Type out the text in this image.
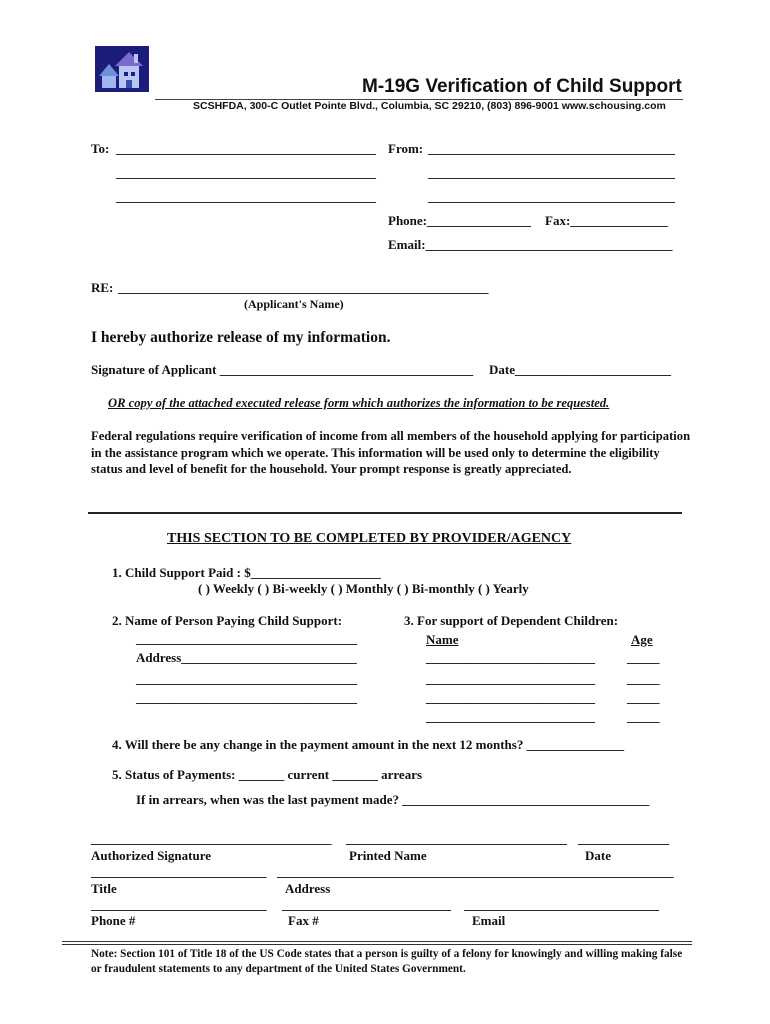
M-19G Verification of Child Support
SCSHFDA, 300-C Outlet Pointe Blvd., Columbia, SC 29210, (803) 896-9001 www.schousing.com
To: ________________________________________
________________________________________
________________________________________
From: ______________________________________
______________________________________
______________________________________
Phone:________________ Fax:_______________
Email:______________________________________
RE: _________________________________________________________
(Applicant's Name)
I hereby authorize release of my information.
Signature of Applicant _______________________________________ Date________________________
OR copy of the attached executed release form which authorizes the information to be requested.
Federal regulations require verification of income from all members of the household applying for participation in the assistance program which we operate. This information will be used only to determine the eligibility status and level of benefit for the household. Your prompt response is greatly appreciated.
THIS SECTION TO BE COMPLETED BY PROVIDER/AGENCY
1. Child Support Paid : $____________________
( ) Weekly ( ) Bi-weekly ( ) Monthly ( ) Bi-monthly ( ) Yearly
2. Name of Person Paying Child Support:
__________________________________
Address___________________________
__________________________________
__________________________________
3. For support of Dependent Children:
Name	Age
__________________________ _____
__________________________ _____
__________________________ _____
__________________________ _____
4. Will there be any change in the payment amount in the next 12 months? _______________
5. Status of Payments: _______ current _______ arrears
If in arrears, when was the last payment made? ______________________________________
_____________________________________ __________________________________ ______________
Authorized Signature	Printed Name	Date
___________________________ _____________________________________________________________
Title	Address
___________________________ __________________________ ______________________________
Phone #	Fax #	Email
Note: Section 101 of Title 18 of the US Code states that a person is guilty of a felony for knowingly and willing making false or fraudulent statements to any department of the United States Government.
